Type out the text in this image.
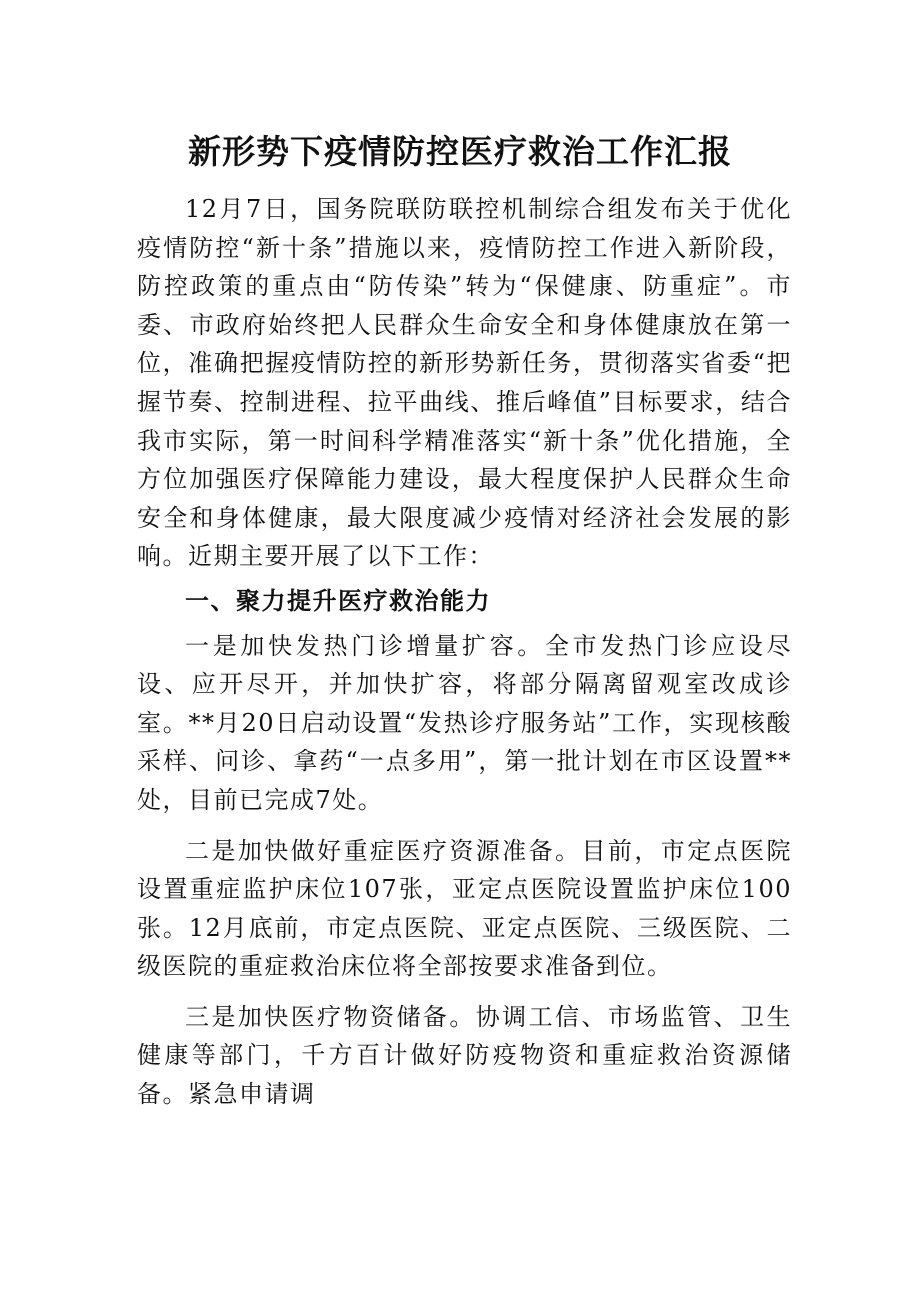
新形势下疫情防控医疗救治工作汇报

12月7日，国务院联防联控机制综合组发布关于优化疫情防控“新十条”措施以来，疫情防控工作进入新阶段，防控政策的重点由“防传染”转为“保健康、防重症”。市委、市政府始终把人民群众生命安全和身体健康放在第一位，准确把握疫情防控的新形势新任务，贯彻落实省委“把握节奏、控制进程、拉平曲线、推后峰值”目标要求，结合我市实际，第一时间科学精准落实“新十条”优化措施，全方位加强医疗保障能力建设，最大程度保护人民群众生命安全和身体健康，最大限度减少疫情对经济社会发展的影响。近期主要开展了以下工作：

一、聚力提升医疗救治能力

一是加快发热门诊增量扩容。全市发热门诊应设尽设、应开尽开，并加快扩容，将部分隔离留观室改成诊室。**月20日启动设置“发热诊疗服务站”工作，实现核酸采样、问诊、拿药“一点多用”，第一批计划在市区设置**处，目前已完成7处。

二是加快做好重症医疗资源准备。目前，市定点医院设置重症监护床位107张，亚定点医院设置监护床位100张。12月底前，市定点医院、亚定点医院、三级医院、二级医院的重症救治床位将全部按要求准备到位。

三是加快医疗物资储备。协调工信、市场监管、卫生健康等部门，千方百计做好防疫物资和重症救治资源储备。紧急申请调
